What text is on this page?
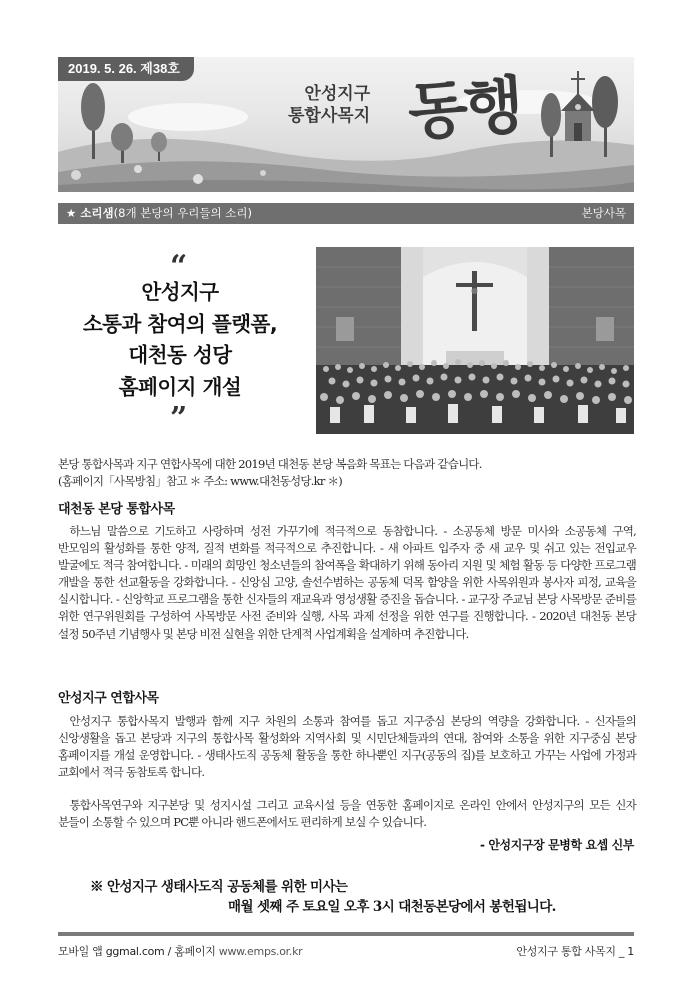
2019. 5. 26. 제38호
안성지구
통합사목지 동행
★ 소리샘(8개 본당의 우리들의 소리)	본당사목
“
안성지구
소통과 참여의 플랫폼,
대천동 성당
홈페이지 개설
”
본당 통합사목과 지구 연합사목에 대한 2019년 대천동 본당 복음화 목표는 다음과 같습니다.
(홈페이지「사목방침」참고 ＊ 주소: www.대천동성당.kr ＊)
대천동 본당 통합사목
하느님 말씀으로 기도하고 사랑하며 성전 가꾸기에 적극적으로 동참합니다. - 소공동체 방문 미사와 소공동체 구역, 반모임의 활성화를 통한 양적, 질적 변화를 적극적으로 추진합니다. - 새 아파트 입주자 중 새 교우 및 쉬고 있는 전입교우 발굴에도 적극 참여합니다. - 미래의 희망인 청소년들의 참여폭을 확대하기 위해 동아리 지원 및 체험 활동 등 다양한 프로그램 개발을 통한 선교활동을 강화합니다. - 신앙심 고양, 솔선수범하는 공동체 덕목 함양을 위한 사목위원과 봉사자 피정, 교육을 실시합니다. - 신앙학교 프로그램을 통한 신자들의 재교육과 영성생활 증진을 돕습니다. - 교구장 주교님 본당 사목방문 준비를 위한 연구위원회를 구성하여 사목방문 사전 준비와 실행, 사목 과제 선정을 위한 연구를 진행합니다. - 2020년 대천동 본당 설정 50주년 기념행사 및 본당 비전 실현을 위한 단계적 사업계획을 설계하며 추진합니다.
안성지구 연합사목
안성지구 통합사목지 발행과 함께 지구 차원의 소통과 참여를 돕고 지구중심 본당의 역량을 강화합니다. - 신자들의 신앙생활을 돕고 본당과 지구의 통합사목 활성화와 지역사회 및 시민단체들과의 연대, 참여와 소통을 위한 지구중심 본당 홈페이지를 개설 운영합니다. - 생태사도직 공동체 활동을 통한 하나뿐인 지구(공동의 집)를 보호하고 가꾸는 사업에 가정과 교회에서 적극 동참토록 합니다.
통합사목연구와 지구본당 및 성지시설 그리고 교육시설 등을 연동한 홈페이지로 온라인 안에서 안성지구의 모든 신자 분들이 소통할 수 있으며 PC뿐 아니라 핸드폰에서도 편리하게 보실 수 있습니다.
- 안성지구장 문병학 요셉 신부
※ 안성지구 생태사도직 공동체를 위한 미사는
매월 셋째 주 토요일 오후 3시 대천동본당에서 봉헌됩니다.
모바일 앱 ggmal.com / 홈페이지 www.emps.or.kr	안성지구 통합 사목지 _ 1
